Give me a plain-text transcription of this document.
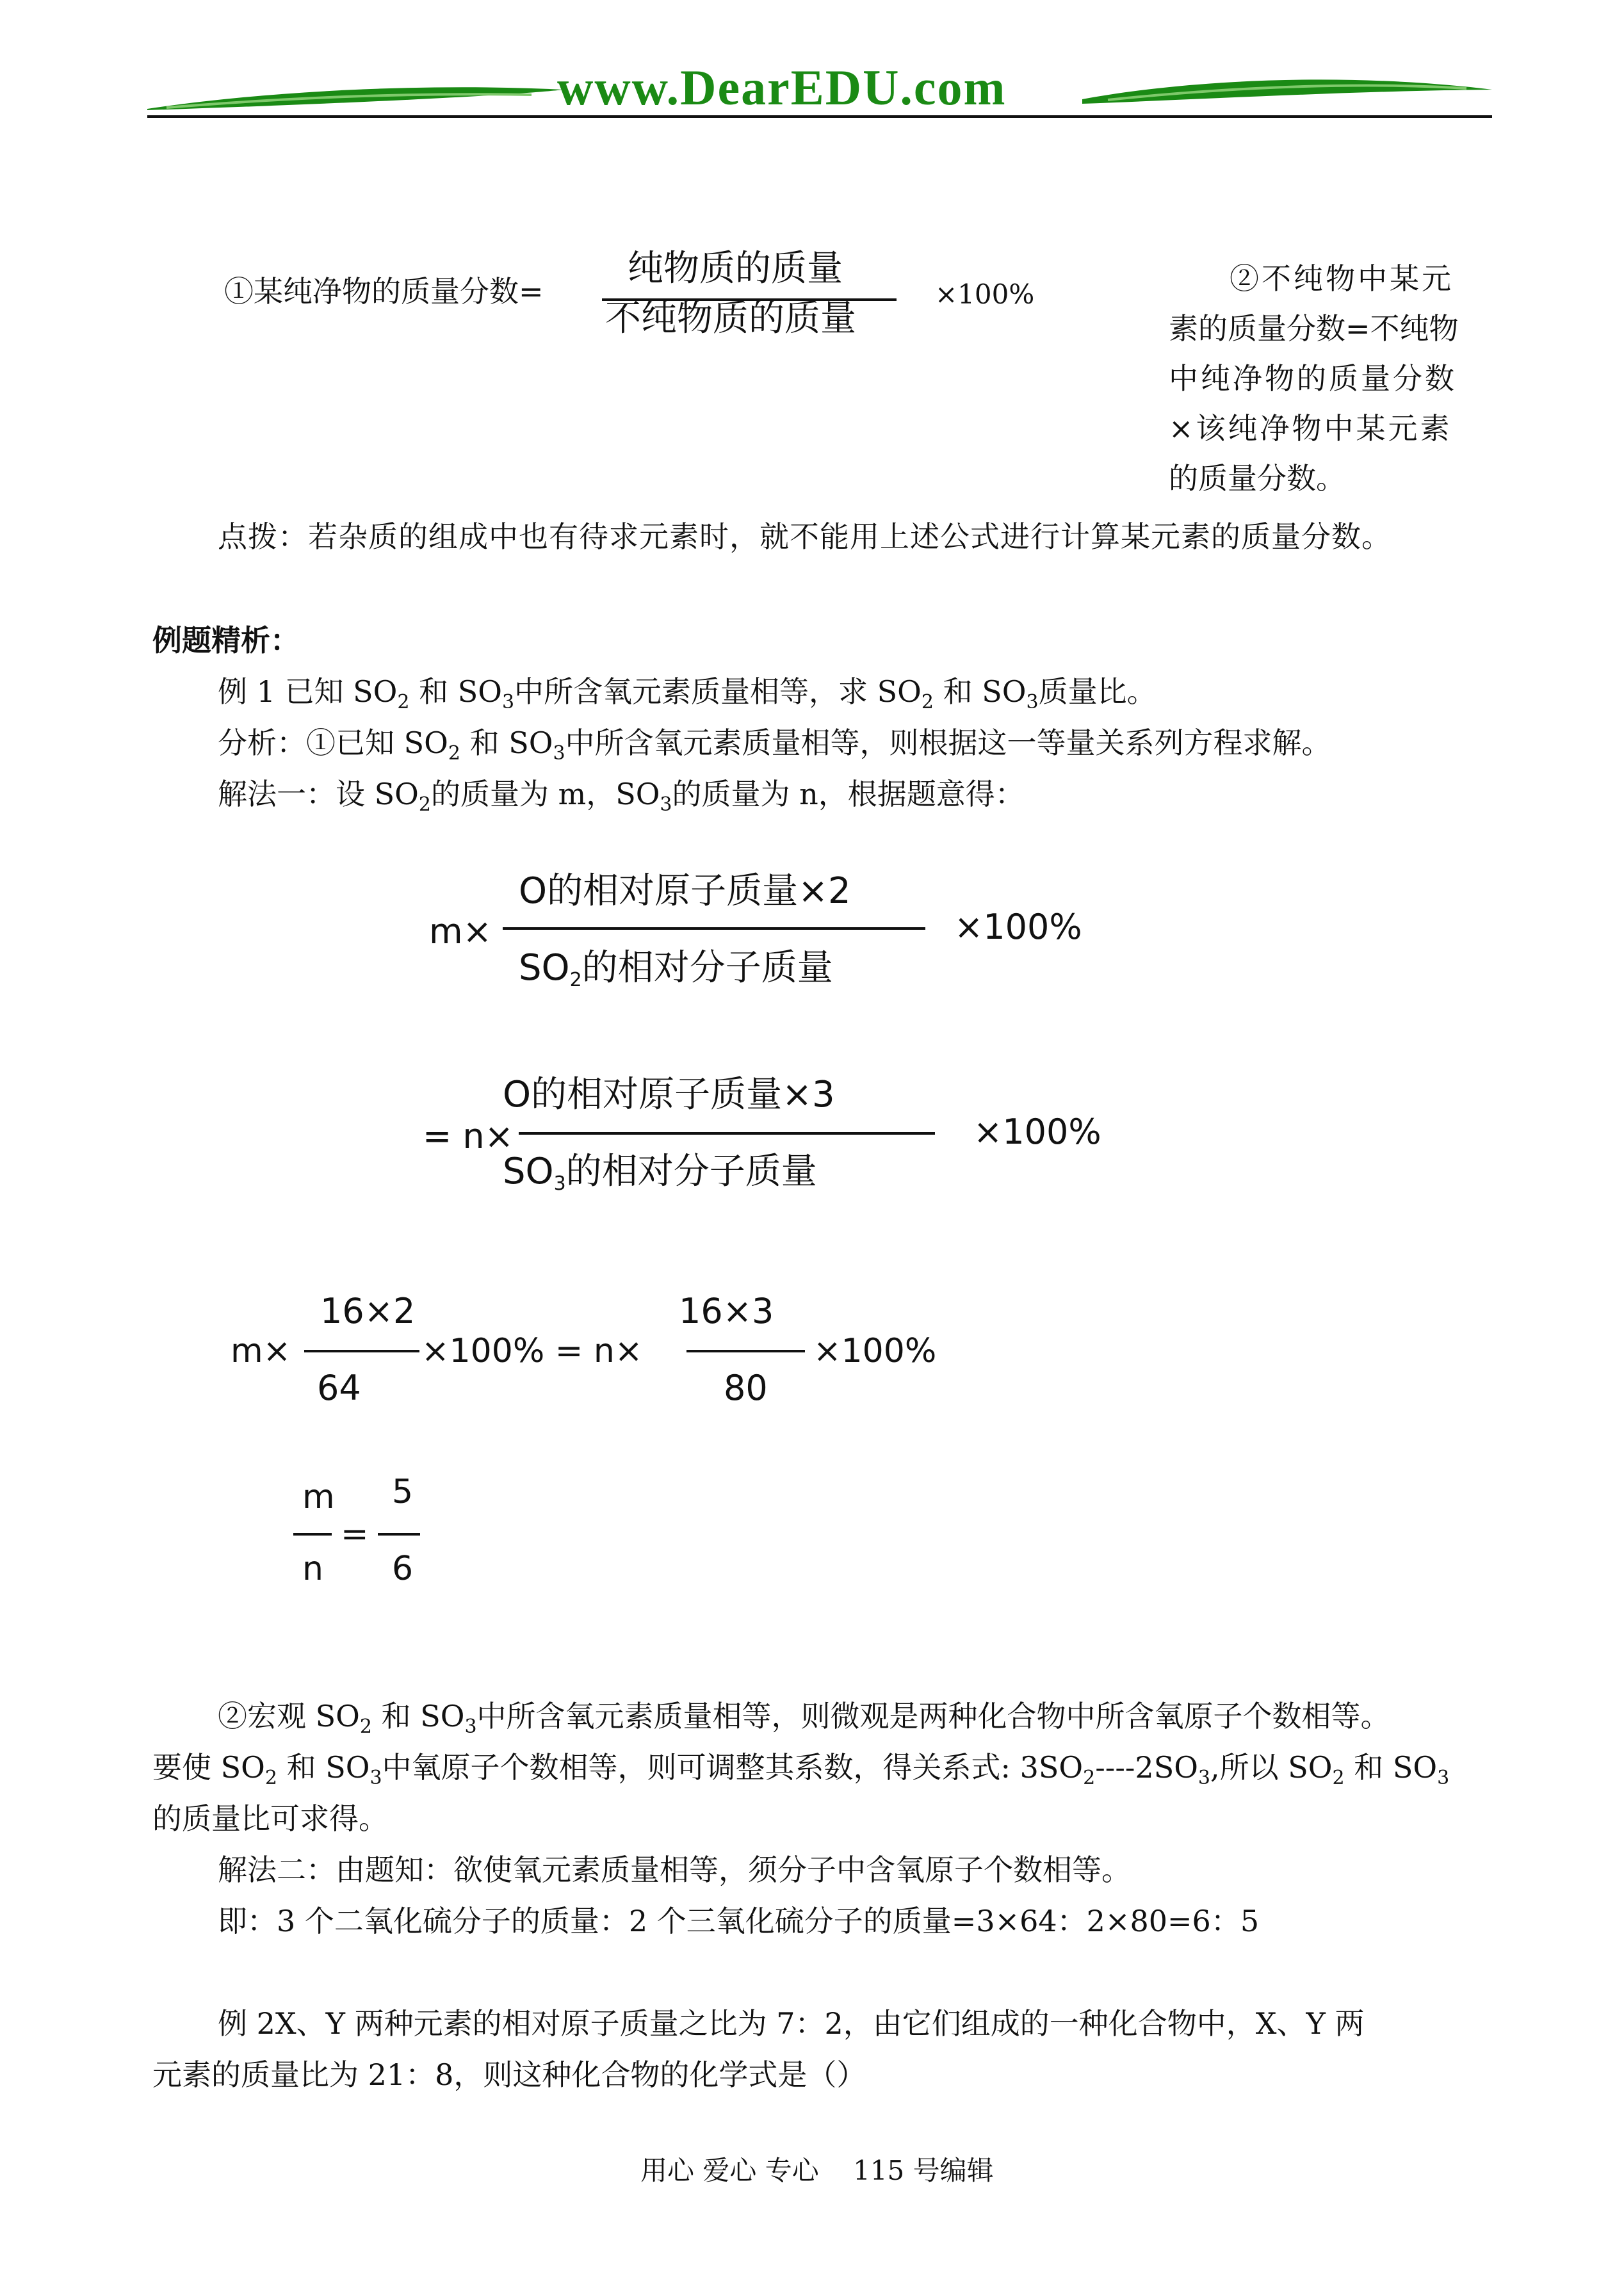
www.DearEDU.com
①某纯净物的质量分数=
纯物质的质量
不纯物质的质量
×100%	②不纯物中某元
素的质量分数=不纯物
中纯净物的质量分数
×该纯净物中某元素
的质量分数。
点拨：若杂质的组成中也有待求元素时，就不能用上述公式进行计算某元素的质量分数。
例题精析：
例 1 已知 $SO_2$ 和 $SO_3$中所含氧元素质量相等，求 $SO_2$ 和 $SO_3$质量比。
分析：①已知 $SO_2$ 和 $SO_3$中所含氧元素质量相等，则根据这一等量关系列方程求解。
解法一：设 $SO_2$的质量为 m，$SO_3$的质量为 n，根据题意得：
m×
O的相对原子质量×2
$SO_2$的相对分子质量
×100%
= n×
O的相对原子质量×3
$SO_3$的相对分子质量
×100%
m×
16×2
64
×100% = n×
16×3
80
×100%
m
n
=
5
6
②宏观 $SO_2$ 和 $SO_3$中所含氧元素质量相等，则微观是两种化合物中所含氧原子个数相等。
要使 $SO_2$ 和 $SO_3$中氧原子个数相等，则可调整其系数，得关系式: $3SO_2----2SO_3$,所以 $SO_2$ 和 $SO_3$
的质量比可求得。
解法二：由题知：欲使氧元素质量相等，须分子中含氧原子个数相等。
即：3 个二氧化硫分子的质量：2 个三氧化硫分子的质量=3×64：2×80=6：5
例 2X、Y 两种元素的相对原子质量之比为 7：2，由它们组成的一种化合物中，X、Y 两
元素的质量比为 21：8，则这种化合物的化学式是（）
用心 爱心 专心    115 号编辑
